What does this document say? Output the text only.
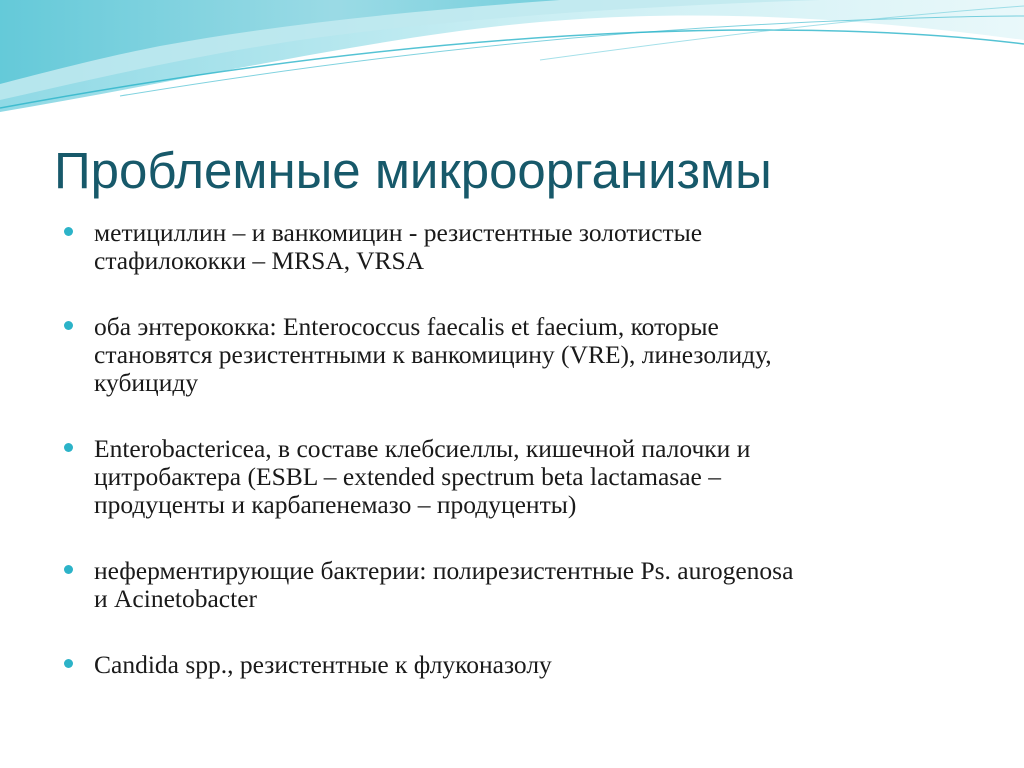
Проблемные микроорганизмы
метициллин – и ванкомицин - резистентные золотистые
стафилококки – MRSA, VRSA
оба энтерококка: Enterococcus faecalis et faecium, которые
становятся резистентными к ванкомицину (VRE), линезолиду,
кубициду
Enterobactericea, в составе клебсиеллы, кишечной палочки и
цитробактера (ESBL – extended spectrum beta lactamasae –
продуценты и карбапенемазо – продуценты)
неферментирующие бактерии: полирезистентные Ps. aurogenosa
и Acinetobacter
Candida spp., резистентные к флуконазолу
